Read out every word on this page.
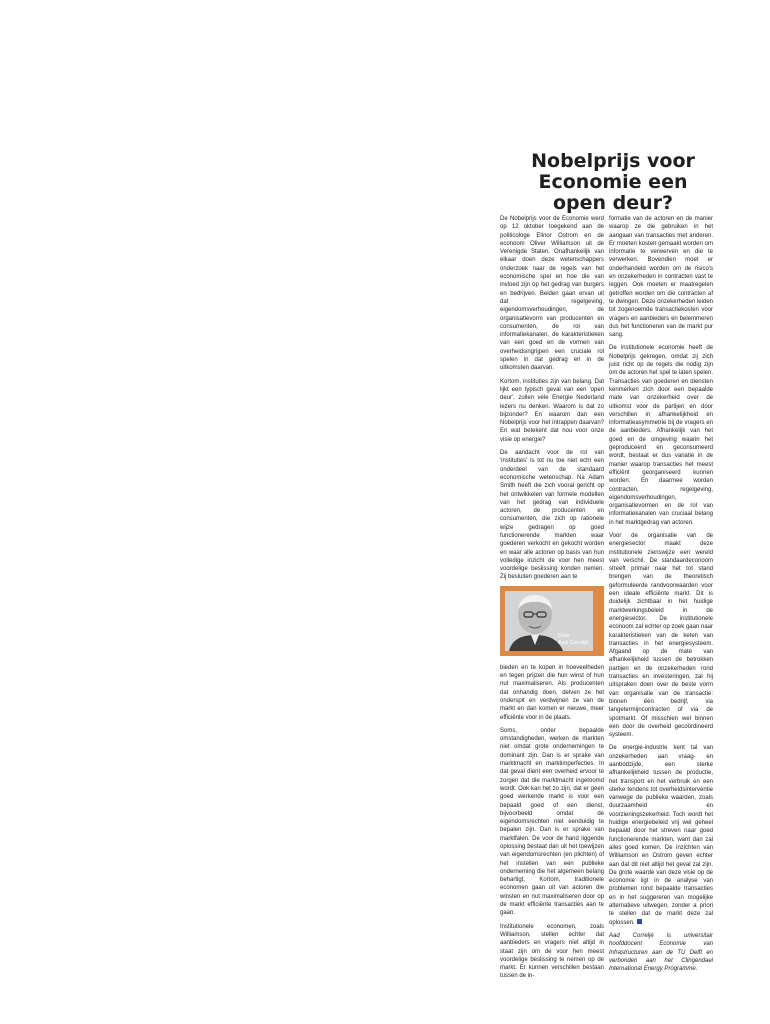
Nobelprijs voor
Economie een
open deur?

De Nobelprijs voor de Economie werd op 12 oktober toegekend aan de politicologe Elinor Ostrom en de econoom Oliver Williamson uit de Verenigde Staten. Onafhankelijk van elkaar doen deze wetenschappers onderzoek naar de regels van het economische spel en hoe die van invloed zijn op het gedrag van burgers en bedrijven. Beiden gaan ervan uit dat regelgeving, eigendomsverhoudingen, de organisatievorm van producenten en consumenten, de rol van informatiekanalen, de karakteristieken van een goed en de vormen van overheidsingrijpen een cruciale rol spelen in dat gedrag en in de uitkomsten daarvan.

Kortom, instituties zijn van belang. Dat lijkt een typisch geval van een 'open deur', zullen vele Energie Nederland lezers nu denken. Waarom is dat zo bijzonder? En waarom dan een Nobelprijs voor het intrappen daarvan? En wat betekent dat nou voor onze visie op energie?

De aandacht voor de rol van 'instituties' is tot nu toe niet echt een onderdeel van de standaard economische wetenschap. Na Adam Smith heeft die zich vooral gericht op het ontwikkelen van formele modellen van het gedrag van individuele actoren, de producenten en consumenten, die zich op rationele wijze gedragen op goed functionerende markten waar goederen verkocht en gekocht worden en waar alle actoren op basis van hun volledige inzicht de voor hen meest voordelige beslissing konden nemen. Zij besluiten goederen aan te

Door
Aad Correljé

bieden en te kopen in hoeveelheden en tegen prijzen die hun winst of hun nut maximaliseren. Als producenten dat onhandig doen, delven ze het onderspit en verdwijnen ze van de markt en dan komen er nieuwe, meer efficiënte voor in de plaats.

Soms, onder bepaalde omstandigheden, werken de markten niet omdat grote ondernemingen te dominant zijn. Dan is er sprake van marktmacht en marktimperfecties. In dat geval dient een overheid ervoor te zorgen dat die marktmacht ingetoomd wordt. Ook kan het zo zijn, dat er geen goed werkende markt is voor een bepaald goed of een dienst, bijvoorbeeld omdat de eigendomsrechten niet eenduidig te bepalen zijn. Dan is er sprake van marktfalen. De voor de hand liggende oplossing bestaat dan uit het toewijzen van eigendomsrechten (en plichten) of het instellen van een publieke onderneming die het algemeen belang behartigt. Kortom, traditionele economen gaan uit van actoren die winsten en nut maximaliseren door op de markt efficiënte transacties aan te gaan.

Institutionele economen, zoals Williamson, stellen echter dat aanbieders en vragers niet altijd in staat zijn om de voor hen meest voordelige beslissing te nemen op de markt. Er kunnen verschillen bestaan tussen de in-

formatie van de actoren en de manier waarop ze die gebruiken in het aangaan van transacties met anderen. Er moeten kosten gemaakt worden om informatie te verwerven en die te verwerken. Bovendien moet er onderhandeld worden om de risico's en onzekerheden in contracten vast te leggen. Ook moeten er maatregelen getroffen worden om die contracten af te dwingen. Deze onzekerheden leiden tot zogenoemde transactiekosten voor vragers en aanbieders en belemmeren dus het functioneren van de markt pur sang.

De institutionele economie heeft de Nobelprijs gekregen, omdat zij zich juist richt op de regels die nodig zijn om de actoren het spel te laten spelen. Transacties van goederen en diensten kenmerken zich door een bepaalde mate van onzekerheid over de uitkomst voor de partijen en door verschillen in afhankelijkheid en informatieasymmetrie bij de vragers en de aanbieders. Afhankelijk van het goed en de omgeving waarin het geproduceerd en geconsumeerd wordt, bestaat er dus variatie in de manier waarop transacties het meest efficiënt georganiseerd kunnen worden. En daarmee worden contracten, regelgeving, eigendomsverhoudingen, organisatievormen en de rol van informatiekanalen van cruciaal belang in het marktgedrag van actoren.

Voor de organisatie van de energiesector maakt deze institutionele zienswijze een wereld van verschil. De standaardeconoom streeft primair naar het tot stand brengen van de theoretisch geformuleerde randvoorwaarden voor een ideale efficiënte markt. Dit is duidelijk zichtbaar in het huidige marktwerkingsbeleid in de energiesector. De institutionele econoom zal echter op zoek gaan naar karakteristieken van de keten van transacties in het energiesysteem. Afgaand op de mate van afhankelijkheid tussen de betrokken partijen en de onzekerheden rond transacties en investeringen, zal hij uitspraken doen over de beste vorm van organisatie van de transactie: binnen één bedrijf, via langetermijncontracten of via de spotmarkt. Of misschien wel binnen een door de overheid gecoördineerd systeem.

De energie-industrie kent tal van onzekerheden aan vraag- en aanbodzijde, een sterke afhankelijkheid tussen de productie, het transport en het verbruik en een sterke tendens tot overheidsinterventie vanwege de publieke waarden, zoals duurzaamheid en voorzieningszekerheid. Toch wordt het huidige energiebeleid vrij wel geheel bepaald door het streven naar goed functionerende markten, want dan zal alles goed komen. De inzichten van Williamson en Ostrom geven echter aan dat dit niet altijd het geval zal zijn. De grote waarde van deze visie op de economie ligt in de analyse van problemen rond bepaalde transacties en in het suggereren van mogelijke alternatieve uitwegen, zonder a priori te stellen dat de markt deze zal oplossen.

Aad Correljé is universitair hoofddocent Economie van Infrastructuren aan de TU Delft en verbonden aan het Clingendael International Energy Programme.
